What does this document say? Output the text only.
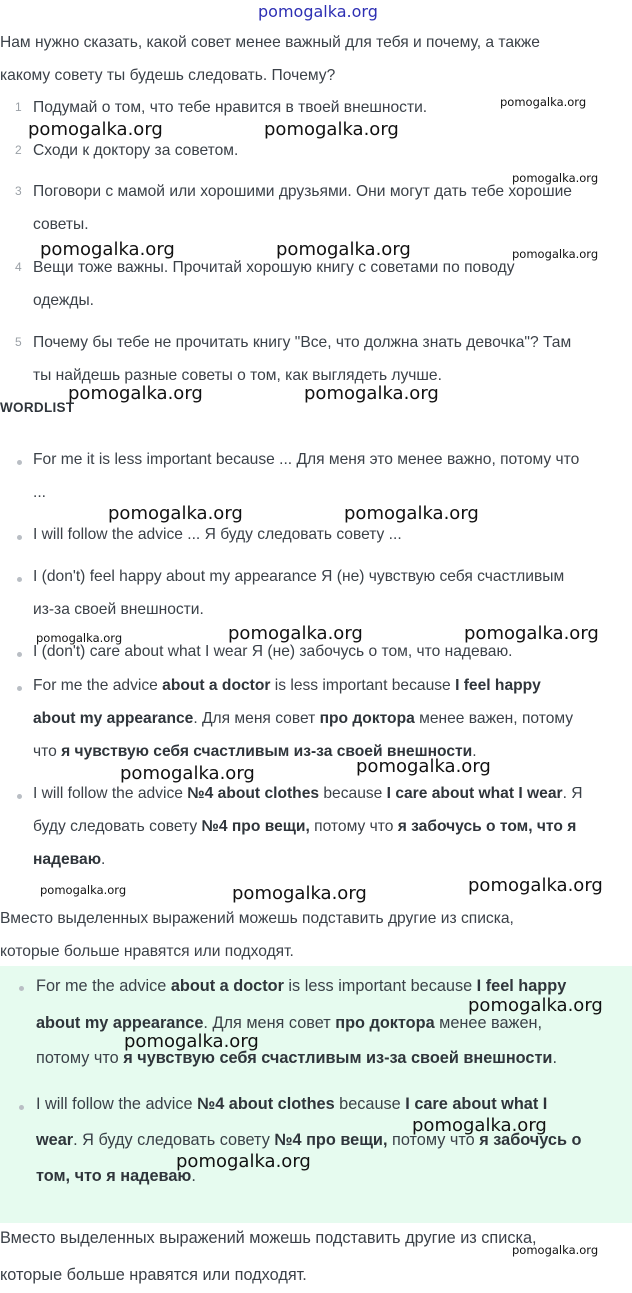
pomogalka.org
Нам нужно сказать, какой совет менее важный для тебя и почему, а также
какому совету ты будешь следовать. Почему?
1 Подумай о том, что тебе нравится в твоей внешности.
2 Сходи к доктору за советом.
3 Поговори с мамой или хорошими друзьями. Они могут дать тебе хорошие
советы.
4 Вещи тоже важны. Прочитай хорошую книгу с советами по поводу
одежды.
5 Почему бы тебе не прочитать книгу "Все, что должна знать девочка"? Там
ты найдешь разные советы о том, как выглядеть лучше.
WORDLIST
For me it is less important because ... Для меня это менее важно, потому что
...
I will follow the advice ... Я буду следовать совету ...
I (don't) feel happy about my appearance Я (не) чувствую себя счастливым
из-за своей внешности.
I (don't) care about what I wear Я (не) забочусь о том, что надеваю.
For me the advice about a doctor is less important because I feel happy
about my appearance. Для меня совет про доктора менее важен, потому
что я чувствую себя счастливым из-за своей внешности.
I will follow the advice №4 about clothes because I care about what I wear. Я
буду следовать совету №4 про вещи, потому что я забочусь о том, что я
надеваю.
Вместо выделенных выражений можешь подставить другие из списка,
которые больше нравятся или подходят.
For me the advice about a doctor is less important because I feel happy
about my appearance. Для меня совет про доктора менее важен,
потому что я чувствую себя счастливым из-за своей внешности.
I will follow the advice №4 about clothes because I care about what I
wear. Я буду следовать совету №4 про вещи, потому что я забочусь о
том, что я надеваю.
Вместо выделенных выражений можешь подставить другие из списка,
которые больше нравятся или подходят.
pomogalka.org
pomogalka.org	pomogalka.org
pomogalka.org
pomogalka.org	pomogalka.org	pomogalka.org
pomogalka.org	pomogalka.org
pomogalka.org	pomogalka.org
pomogalka.org	pomogalka.org	pomogalka.org
pomogalka.org	pomogalka.org
pomogalka.org	pomogalka.org	pomogalka.org
pomogalka.org
pomogalka.org
pomogalka.org
pomogalka.org
pomogalka.org
